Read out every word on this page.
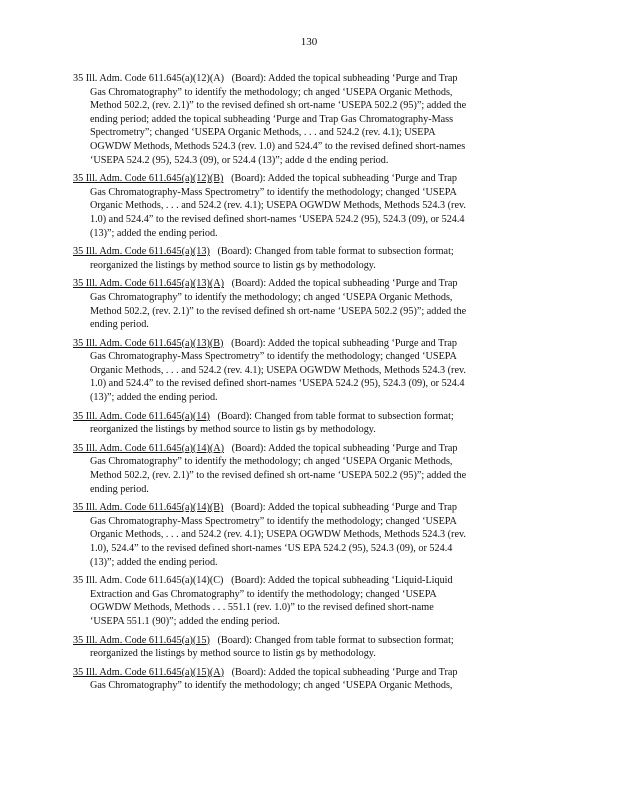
130
35 Ill. Adm. Code 611.645(a)(12)(A) (Board): Added the topical subheading ‘Purge and Trap
Gas Chromatography” to identify the methodology; ch anged ‘USEPA Organic Methods,
Method 502.2, (rev. 2.1)” to the revised defined sh ort-name ‘USEPA 502.2 (95)”; added the
ending period; added the topical subheading ‘Purge and Trap Gas Chromatography-Mass
Spectrometry”; changed ‘USEPA Organic Methods, . . . and 524.2 (rev. 4.1); USEPA
OGWDW Methods, Methods 524.3 (rev. 1.0) and 524.4” to the revised defined short-names
‘USEPA 524.2 (95), 524.3 (09), or 524.4 (13)”; adde d the ending period.
35 Ill. Adm. Code 611.645(a)(12)(B) (Board): Added the topical subheading ‘Purge and Trap
Gas Chromatography-Mass Spectrometry” to identify the methodology; changed ‘USEPA
Organic Methods, . . . and 524.2 (rev. 4.1); USEPA OGWDW Methods, Methods 524.3 (rev.
1.0) and 524.4” to the revised defined short-names ‘USEPA 524.2 (95), 524.3 (09), or 524.4
(13)”; added the ending period.
35 Ill. Adm. Code 611.645(a)(13) (Board): Changed from table format to subsection format;
reorganized the listings by method source to listin gs by methodology.
35 Ill. Adm. Code 611.645(a)(13)(A) (Board): Added the topical subheading ‘Purge and Trap
Gas Chromatography” to identify the methodology; ch anged ‘USEPA Organic Methods,
Method 502.2, (rev. 2.1)” to the revised defined sh ort-name ‘USEPA 502.2 (95)”; added the
ending period.
35 Ill. Adm. Code 611.645(a)(13)(B) (Board): Added the topical subheading ‘Purge and Trap
Gas Chromatography-Mass Spectrometry” to identify the methodology; changed ‘USEPA
Organic Methods, . . . and 524.2 (rev. 4.1); USEPA OGWDW Methods, Methods 524.3 (rev.
1.0) and 524.4” to the revised defined short-names ‘USEPA 524.2 (95), 524.3 (09), or 524.4
(13)”; added the ending period.
35 Ill. Adm. Code 611.645(a)(14) (Board): Changed from table format to subsection format;
reorganized the listings by method source to listin gs by methodology.
35 Ill. Adm. Code 611.645(a)(14)(A) (Board): Added the topical subheading ‘Purge and Trap
Gas Chromatography” to identify the methodology; ch anged ‘USEPA Organic Methods,
Method 502.2, (rev. 2.1)” to the revised defined sh ort-name ‘USEPA 502.2 (95)”; added the
ending period.
35 Ill. Adm. Code 611.645(a)(14)(B) (Board): Added the topical subheading ‘Purge and Trap
Gas Chromatography-Mass Spectrometry” to identify the methodology; changed ‘USEPA
Organic Methods, . . . and 524.2 (rev. 4.1); USEPA OGWDW Methods, Methods 524.3 (rev.
1.0), 524.4” to the revised defined short-names ‘US EPA 524.2 (95), 524.3 (09), or 524.4
(13)”; added the ending period.
35 Ill. Adm. Code 611.645(a)(14)(C) (Board): Added the topical subheading ‘Liquid-Liquid
Extraction and Gas Chromatography” to identify the methodology; changed ‘USEPA
OGWDW Methods, Methods . . . 551.1 (rev. 1.0)” to the revised defined short-name
‘USEPA 551.1 (90)”; added the ending period.
35 Ill. Adm. Code 611.645(a)(15) (Board): Changed from table format to subsection format;
reorganized the listings by method source to listin gs by methodology.
35 Ill. Adm. Code 611.645(a)(15)(A) (Board): Added the topical subheading ‘Purge and Trap
Gas Chromatography” to identify the methodology; ch anged ‘USEPA Organic Methods,
